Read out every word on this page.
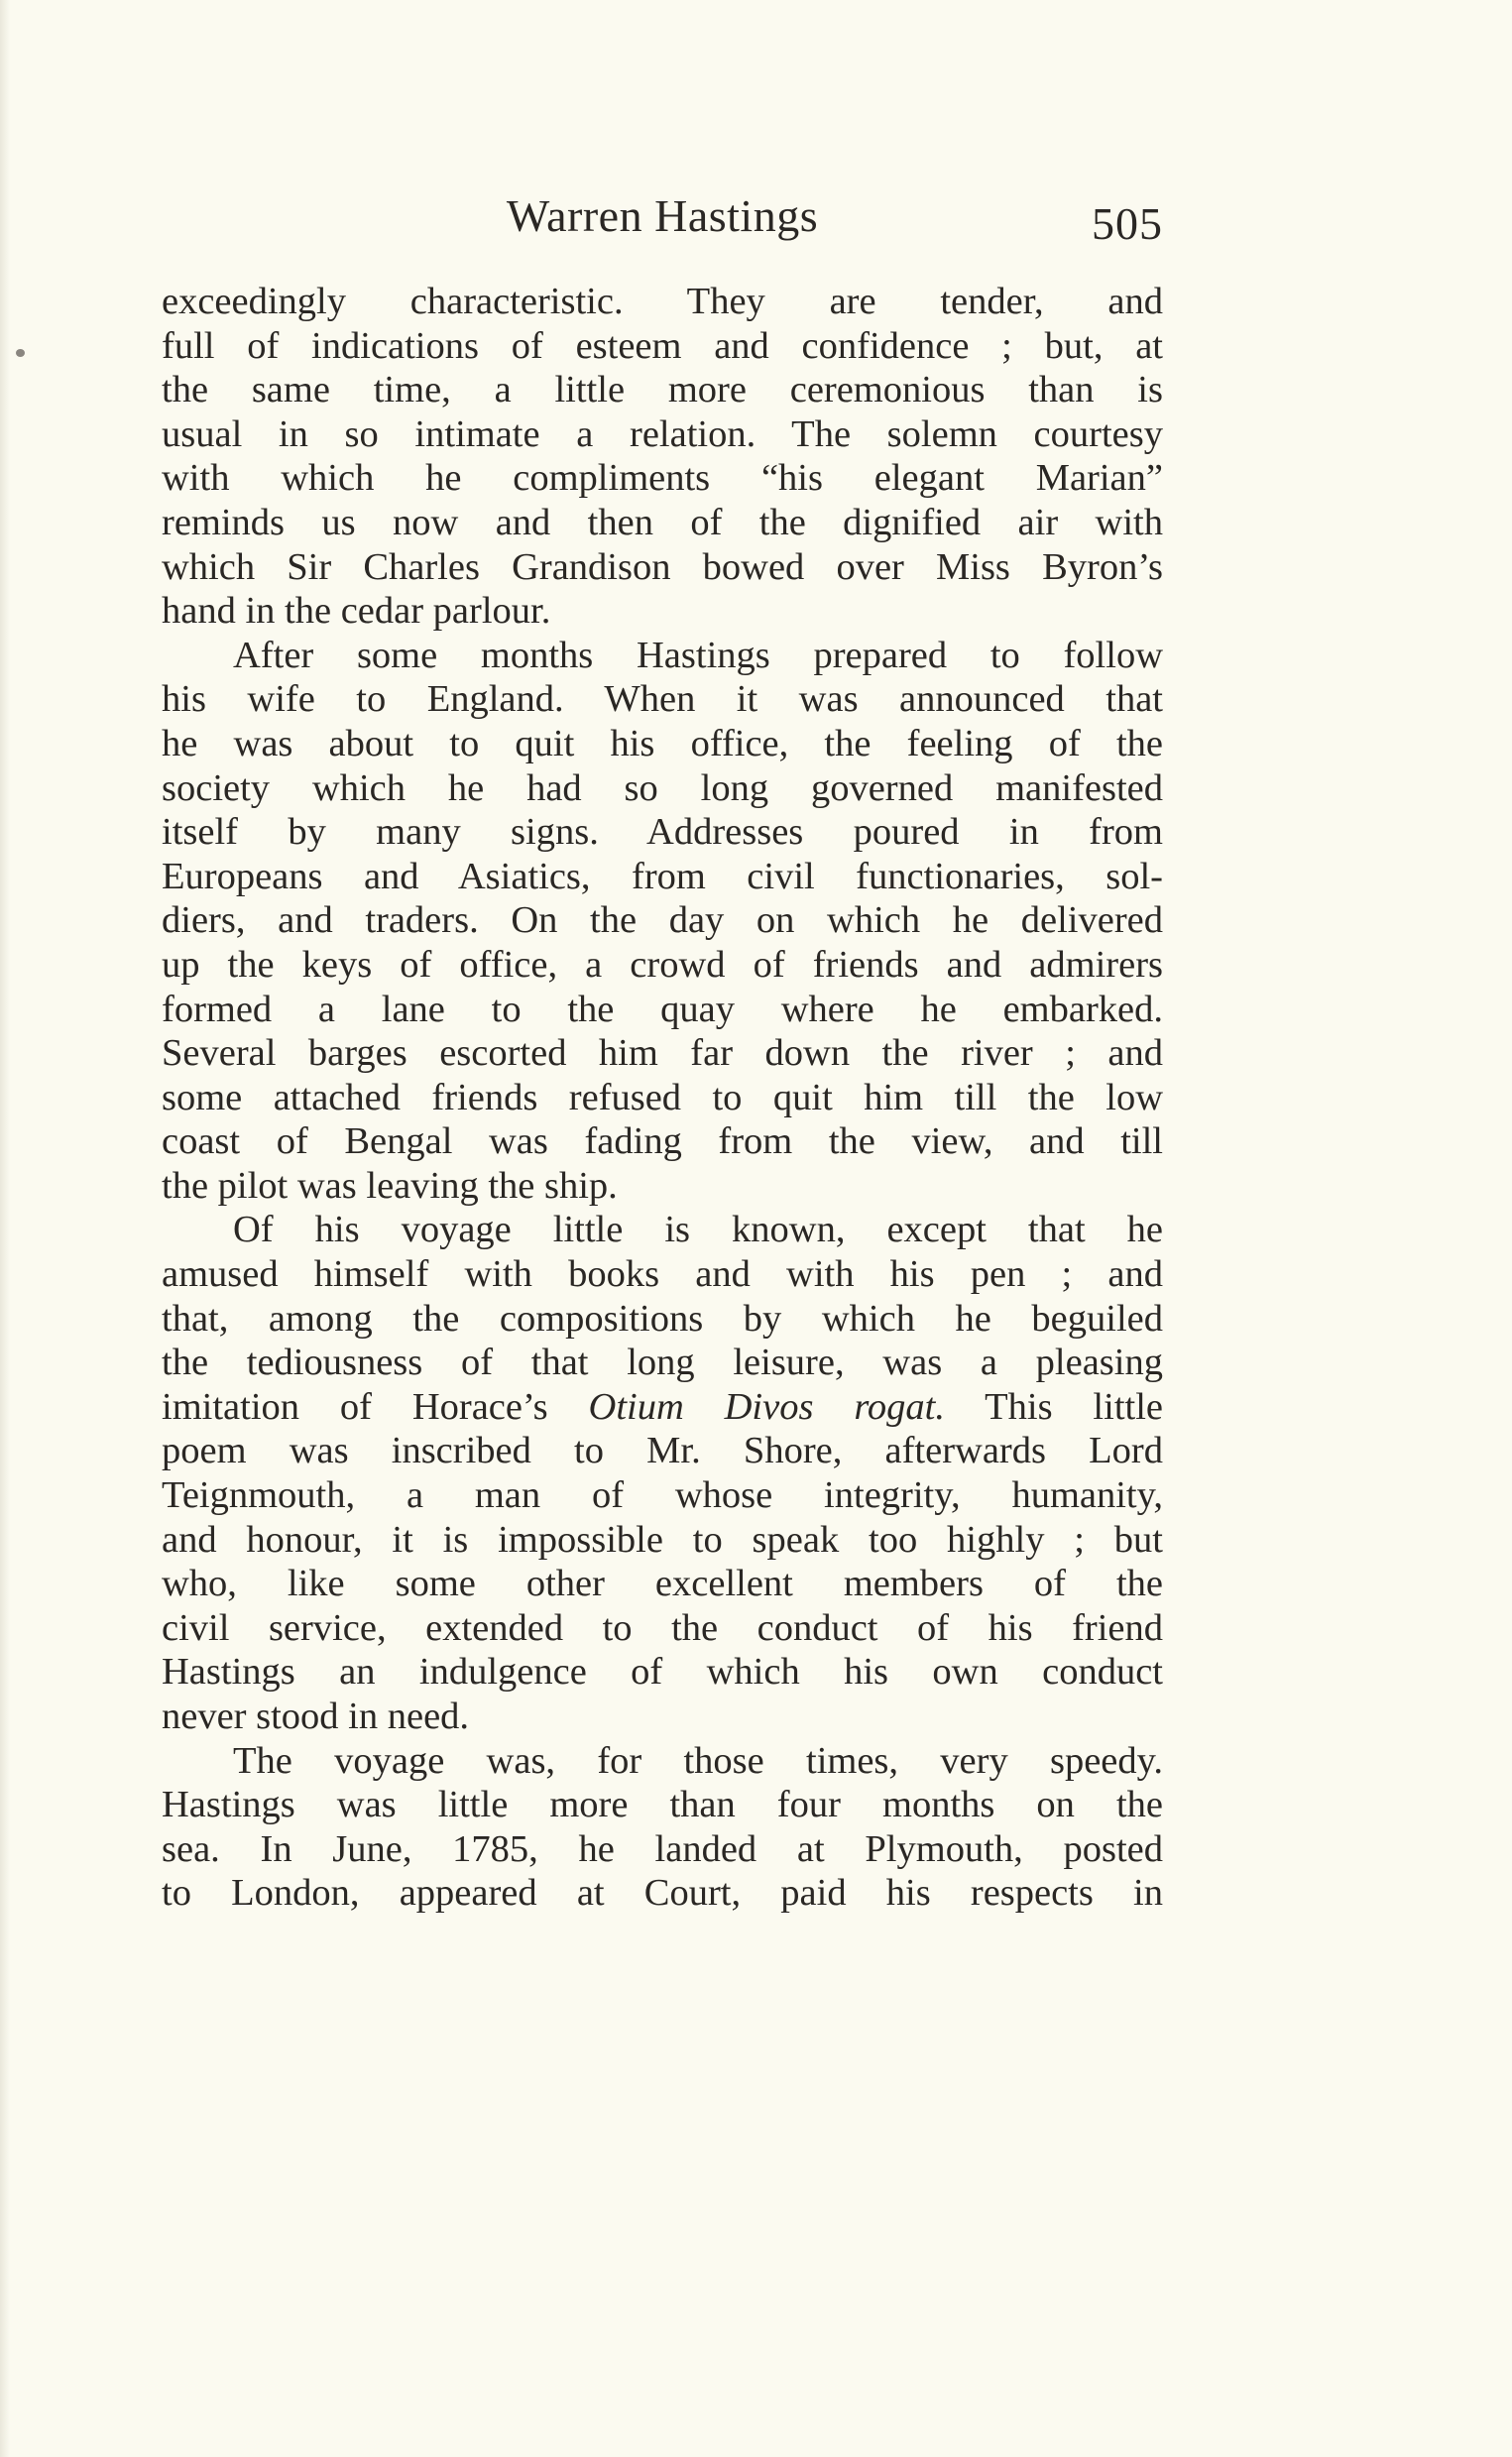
Warren Hastings	505
exceedingly characteristic. They are tender, and
full of indications of esteem and confidence ; but, at
the same time, a little more ceremonious than is
usual in so intimate a relation. The solemn courtesy
with which he compliments “his elegant Marian”
reminds us now and then of the dignified air with
which Sir Charles Grandison bowed over Miss Byron’s
hand in the cedar parlour.
After some months Hastings prepared to follow
his wife to England. When it was announced that
he was about to quit his office, the feeling of the
society which he had so long governed manifested
itself by many signs. Addresses poured in from
Europeans and Asiatics, from civil functionaries, sol-
diers, and traders. On the day on which he delivered
up the keys of office, a crowd of friends and admirers
formed a lane to the quay where he embarked.
Several barges escorted him far down the river ; and
some attached friends refused to quit him till the low
coast of Bengal was fading from the view, and till
the pilot was leaving the ship.
Of his voyage little is known, except that he
amused himself with books and with his pen ; and
that, among the compositions by which he beguiled
the tediousness of that long leisure, was a pleasing
imitation of Horace’s Otium Divos rogat. This little
poem was inscribed to Mr. Shore, afterwards Lord
Teignmouth, a man of whose integrity, humanity,
and honour, it is impossible to speak too highly ; but
who, like some other excellent members of the
civil service, extended to the conduct of his friend
Hastings an indulgence of which his own conduct
never stood in need.
The voyage was, for those times, very speedy.
Hastings was little more than four months on the
sea. In June, 1785, he landed at Plymouth, posted
to London, appeared at Court, paid his respects in
